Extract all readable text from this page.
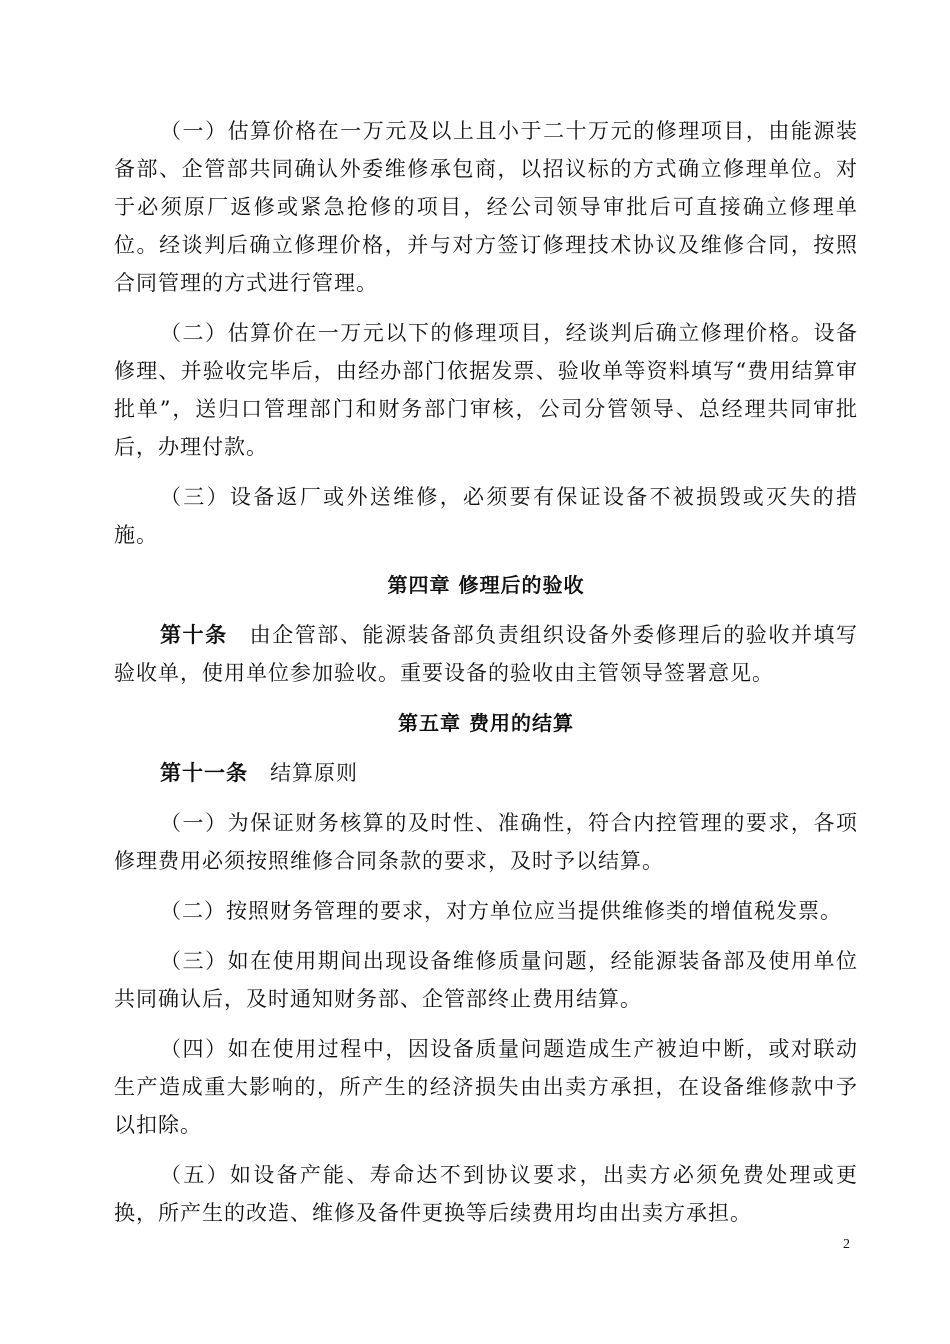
（一）估算价格在一万元及以上且小于二十万元的修理项目，由能源装备部、企管部共同确认外委维修承包商，以招议标的方式确立修理单位。对于必须原厂返修或紧急抢修的项目，经公司领导审批后可直接确立修理单位。经谈判后确立修理价格，并与对方签订修理技术协议及维修合同，按照合同管理的方式进行管理。

（二）估算价在一万元以下的修理项目，经谈判后确立修理价格。设备修理、并验收完毕后，由经办部门依据发票、验收单等资料填写“费用结算审批单”，送归口管理部门和财务部门审核，公司分管领导、总经理共同审批后，办理付款。

（三）设备返厂或外送维修，必须要有保证设备不被损毁或灭失的措施。

第四章 修理后的验收

第十条 由企管部、能源装备部负责组织设备外委修理后的验收并填写验收单，使用单位参加验收。重要设备的验收由主管领导签署意见。

第五章 费用的结算

第十一条 结算原则

（一）为保证财务核算的及时性、准确性，符合内控管理的要求，各项修理费用必须按照维修合同条款的要求，及时予以结算。

（二）按照财务管理的要求，对方单位应当提供维修类的增值税发票。

（三）如在使用期间出现设备维修质量问题，经能源装备部及使用单位共同确认后，及时通知财务部、企管部终止费用结算。

（四）如在使用过程中，因设备质量问题造成生产被迫中断，或对联动生产造成重大影响的，所产生的经济损失由出卖方承担，在设备维修款中予以扣除。

（五）如设备产能、寿命达不到协议要求，出卖方必须免费处理或更换，所产生的改造、维修及备件更换等后续费用均由出卖方承担。

2
